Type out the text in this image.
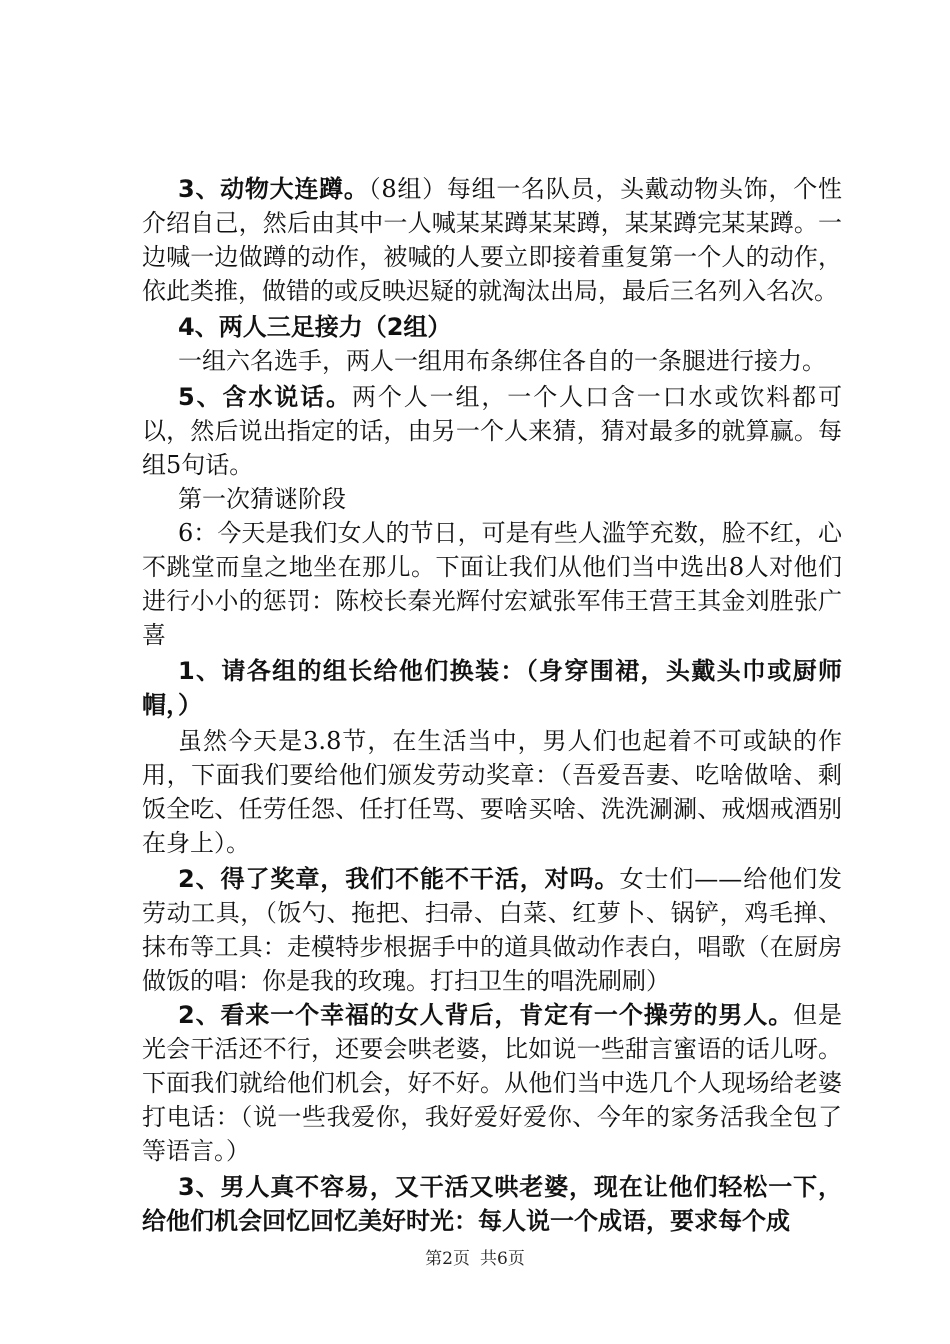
3、动物大连蹲。（8组）每组一名队员，头戴动物头饰，个性介绍自己，然后由其中一人喊某某蹲某某蹲，某某蹲完某某蹲。一边喊一边做蹲的动作，被喊的人要立即接着重复第一个人的动作，依此类推，做错的或反映迟疑的就淘汰出局，最后三名列入名次。

4、两人三足接力（2组）

一组六名选手，两人一组用布条绑住各自的一条腿进行接力。

5、含水说话。两个人一组，一个人口含一口水或饮料都可以，然后说出指定的话，由另一个人来猜，猜对最多的就算赢。每组5句话。

第一次猜谜阶段

6：今天是我们女人的节日，可是有些人滥竽充数，脸不红，心不跳堂而皇之地坐在那儿。下面让我们从他们当中选出8人对他们进行小小的惩罚：陈校长秦光辉付宏斌张军伟王营王其金刘胜张广喜

1、请各组的组长给他们换装：（身穿围裙，头戴头巾或厨师帽，）

虽然今天是3.8节，在生活当中，男人们也起着不可或缺的作用，下面我们要给他们颁发劳动奖章：（吾爱吾妻、吃啥做啥、剩饭全吃、任劳任怨、任打任骂、要啥买啥、洗洗涮涮、戒烟戒酒别在身上）。

2、得了奖章，我们不能不干活，对吗。女士们——给他们发劳动工具，（饭勺、拖把、扫帚、白菜、红萝卜、锅铲，鸡毛掸、抹布等工具：走模特步根据手中的道具做动作表白，唱歌（在厨房做饭的唱：你是我的玫瑰。打扫卫生的唱洗刷刷）

2、看来一个幸福的女人背后，肯定有一个操劳的男人。但是光会干活还不行，还要会哄老婆，比如说一些甜言蜜语的话儿呀。下面我们就给他们机会，好不好。从他们当中选几个人现场给老婆打电话：（说一些我爱你，我好爱好爱你、今年的家务活我全包了等语言。）

3、男人真不容易，又干活又哄老婆，现在让他们轻松一下，给他们机会回忆回忆美好时光：每人说一个成语，要求每个成

第2页 共6页
